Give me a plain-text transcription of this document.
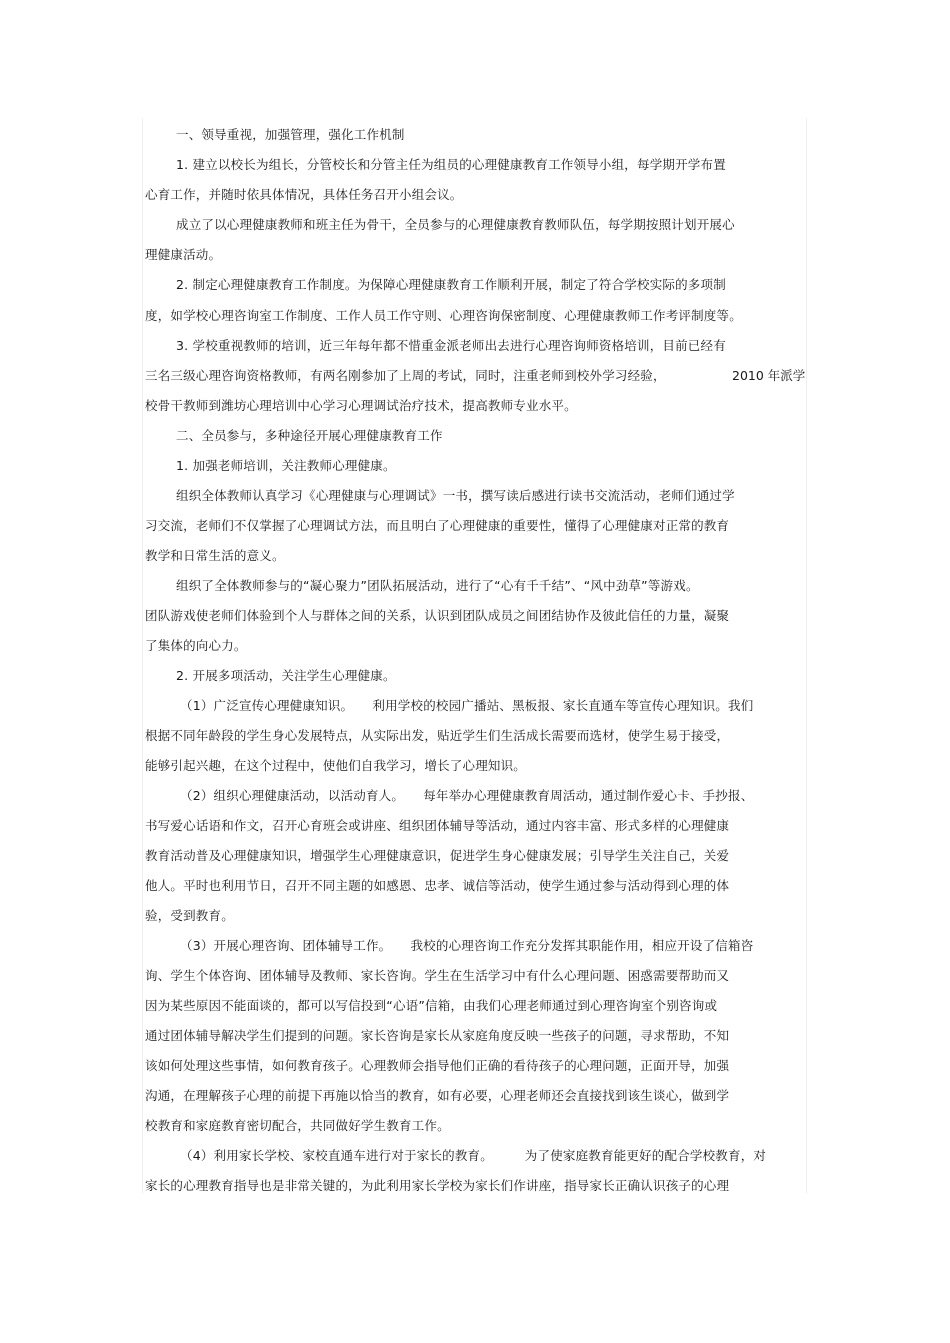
一、领导重视，加强管理，强化工作机制
1. 建立以校长为组长，分管校长和分管主任为组员的心理健康教育工作领导小组，每学期开学布置
心育工作，并随时依具体情况，具体任务召开小组会议。
成立了以心理健康教师和班主任为骨干，全员参与的心理健康教育教师队伍，每学期按照计划开展心
理健康活动。
2. 制定心理健康教育工作制度。为保障心理健康教育工作顺利开展，制定了符合学校实际的多项制
度，如学校心理咨询室工作制度、工作人员工作守则、心理咨询保密制度、心理健康教师工作考评制度等。
3. 学校重视教师的培训，近三年每年都不惜重金派老师出去进行心理咨询师资格培训，目前已经有
三名三级心理咨询资格教师，有两名刚参加了上周的考试，同时，注重老师到校外学习经验，	2010 年派学
校骨干教师到潍坊心理培训中心学习心理调试治疗技术，提高教师专业水平。
二、全员参与，多种途径开展心理健康教育工作
1. 加强老师培训，关注教师心理健康。
组织全体教师认真学习《心理健康与心理调试》一书，撰写读后感进行读书交流活动，老师们通过学
习交流，老师们不仅掌握了心理调试方法，而且明白了心理健康的重要性，懂得了心理健康对正常的教育
教学和日常生活的意义。
组织了全体教师参与的“凝心聚力”团队拓展活动，进行了“心有千千结”、“风中劲草”等游戏。
团队游戏使老师们体验到个人与群体之间的关系，认识到团队成员之间团结协作及彼此信任的力量，凝聚
了集体的向心力。
2. 开展多项活动，关注学生心理健康。
（1）广泛宣传心理健康知识。　　利用学校的校园广播站、黑板报、家长直通车等宣传心理知识。我们
根据不同年龄段的学生身心发展特点，从实际出发，贴近学生们生活成长需要而选材，使学生易于接受，
能够引起兴趣，在这个过程中，使他们自我学习，增长了心理知识。
（2）组织心理健康活动，以活动育人。　　每年举办心理健康教育周活动，通过制作爱心卡、手抄报、
书写爱心话语和作文，召开心育班会或讲座、组织团体辅导等活动，通过内容丰富、形式多样的心理健康
教育活动普及心理健康知识，增强学生心理健康意识，促进学生身心健康发展；引导学生关注自己，关爱
他人。平时也利用节日，召开不同主题的如感恩、忠孝、诚信等活动，使学生通过参与活动得到心理的体
验，受到教育。
（3）开展心理咨询、团体辅导工作。　　我校的心理咨询工作充分发挥其职能作用，相应开设了信箱咨
询、学生个体咨询、团体辅导及教师、家长咨询。学生在生活学习中有什么心理问题、困惑需要帮助而又
因为某些原因不能面谈的，都可以写信投到“心语”信箱，由我们心理老师通过到心理咨询室个别咨询或
通过团体辅导解决学生们提到的问题。家长咨询是家长从家庭角度反映一些孩子的问题，寻求帮助，不知
该如何处理这些事情，如何教育孩子。心理教师会指导他们正确的看待孩子的心理问题，正面开导，加强
沟通，在理解孩子心理的前提下再施以恰当的教育，如有必要，心理老师还会直接找到该生谈心，做到学
校教育和家庭教育密切配合，共同做好学生教育工作。
（4）利用家长学校、家校直通车进行对于家长的教育。　　　为了使家庭教育能更好的配合学校教育，对
家长的心理教育指导也是非常关键的，为此利用家长学校为家长们作讲座，指导家长正确认识孩子的心理
